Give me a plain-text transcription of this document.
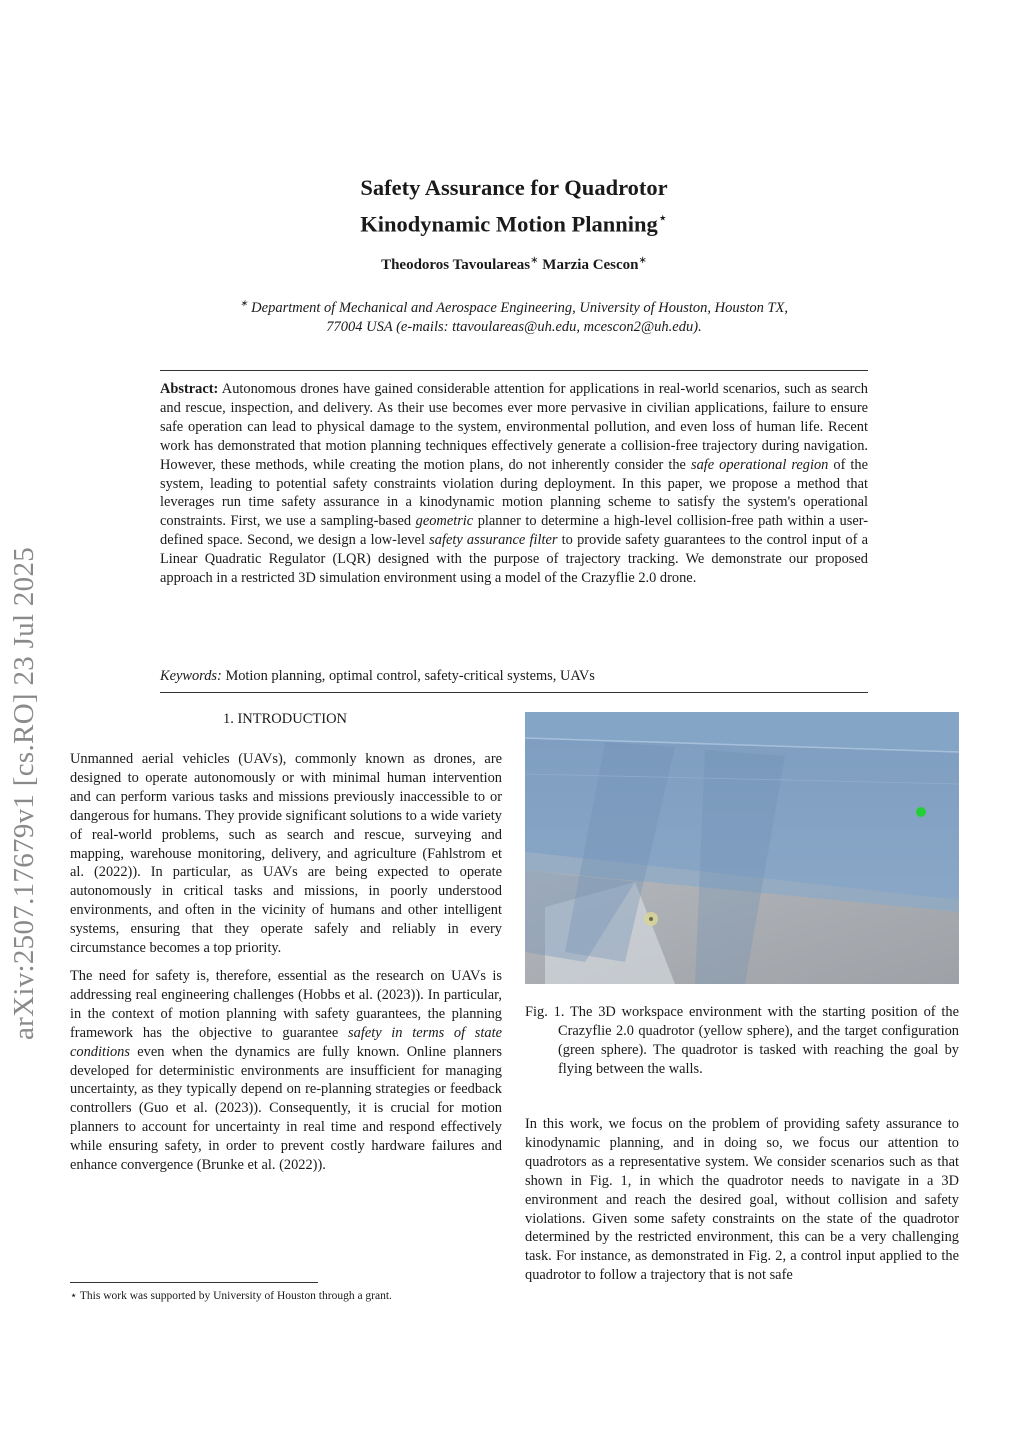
arXiv:2507.17679v1 [cs.RO] 23 Jul 2025
Safety Assurance for Quadrotor
Kinodynamic Motion Planning⋆
Theodoros Tavoulareas∗ Marzia Cescon∗
∗ Department of Mechanical and Aerospace Engineering, University of Houston, Houston TX, 77004 USA (e-mails: ttavoulareas@uh.edu, mcescon2@uh.edu).
Abstract: Autonomous drones have gained considerable attention for applications in real-world scenarios, such as search and rescue, inspection, and delivery. As their use becomes ever more pervasive in civilian applications, failure to ensure safe operation can lead to physical damage to the system, environmental pollution, and even loss of human life. Recent work has demonstrated that motion planning techniques effectively generate a collision-free trajectory during navigation. However, these methods, while creating the motion plans, do not inherently consider the safe operational region of the system, leading to potential safety constraints violation during deployment. In this paper, we propose a method that leverages run time safety assurance in a kinodynamic motion planning scheme to satisfy the system's operational constraints. First, we use a sampling-based geometric planner to determine a high-level collision-free path within a user-defined space. Second, we design a low-level safety assurance filter to provide safety guarantees to the control input of a Linear Quadratic Regulator (LQR) designed with the purpose of trajectory tracking. We demonstrate our proposed approach in a restricted 3D simulation environment using a model of the Crazyflie 2.0 drone.
Keywords: Motion planning, optimal control, safety-critical systems, UAVs
1. INTRODUCTION

Unmanned aerial vehicles (UAVs), commonly known as drones, are designed to operate autonomously or with minimal human intervention and can perform various tasks and missions previously inaccessible to or dangerous for humans. They provide significant solutions to a wide variety of real-world problems, such as search and rescue, surveying and mapping, warehouse monitoring, delivery, and agriculture (Fahlstrom et al. (2022)). In particular, as UAVs are being expected to operate autonomously in critical tasks and missions, in poorly understood environments, and often in the vicinity of humans and other intelligent systems, ensuring that they operate safely and reliably in every circumstance becomes a top priority.

The need for safety is, therefore, essential as the research on UAVs is addressing real engineering challenges (Hobbs et al. (2023)). In particular, in the context of motion planning with safety guarantees, the planning framework has the objective to guarantee safety in terms of state conditions even when the dynamics are fully known. Online planners developed for deterministic environments are insufficient for managing uncertainty, as they typically depend on re-planning strategies or feedback controllers (Guo et al. (2023)). Consequently, it is crucial for motion planners to account for uncertainty in real time and respond effectively while ensuring safety, in order to prevent costly hardware failures and enhance convergence (Brunke et al. (2022)).

⋆ This work was supported by University of Houston through a grant.
Fig. 1. The 3D workspace environment with the starting position of the Crazyflie 2.0 quadrotor (yellow sphere), and the target configuration (green sphere). The quadrotor is tasked with reaching the goal by flying between the walls.

In this work, we focus on the problem of providing safety assurance to kinodynamic planning, and in doing so, we focus our attention to quadrotors as a representative system. We consider scenarios such as that shown in Fig. 1, in which the quadrotor needs to navigate in a 3D environment and reach the desired goal, without collision and safety violations. Given some safety constraints on the state of the quadrotor determined by the restricted environment, this can be a very challenging task. For instance, as demonstrated in Fig. 2, a control input applied to the quadrotor to follow a trajectory that is not safe
